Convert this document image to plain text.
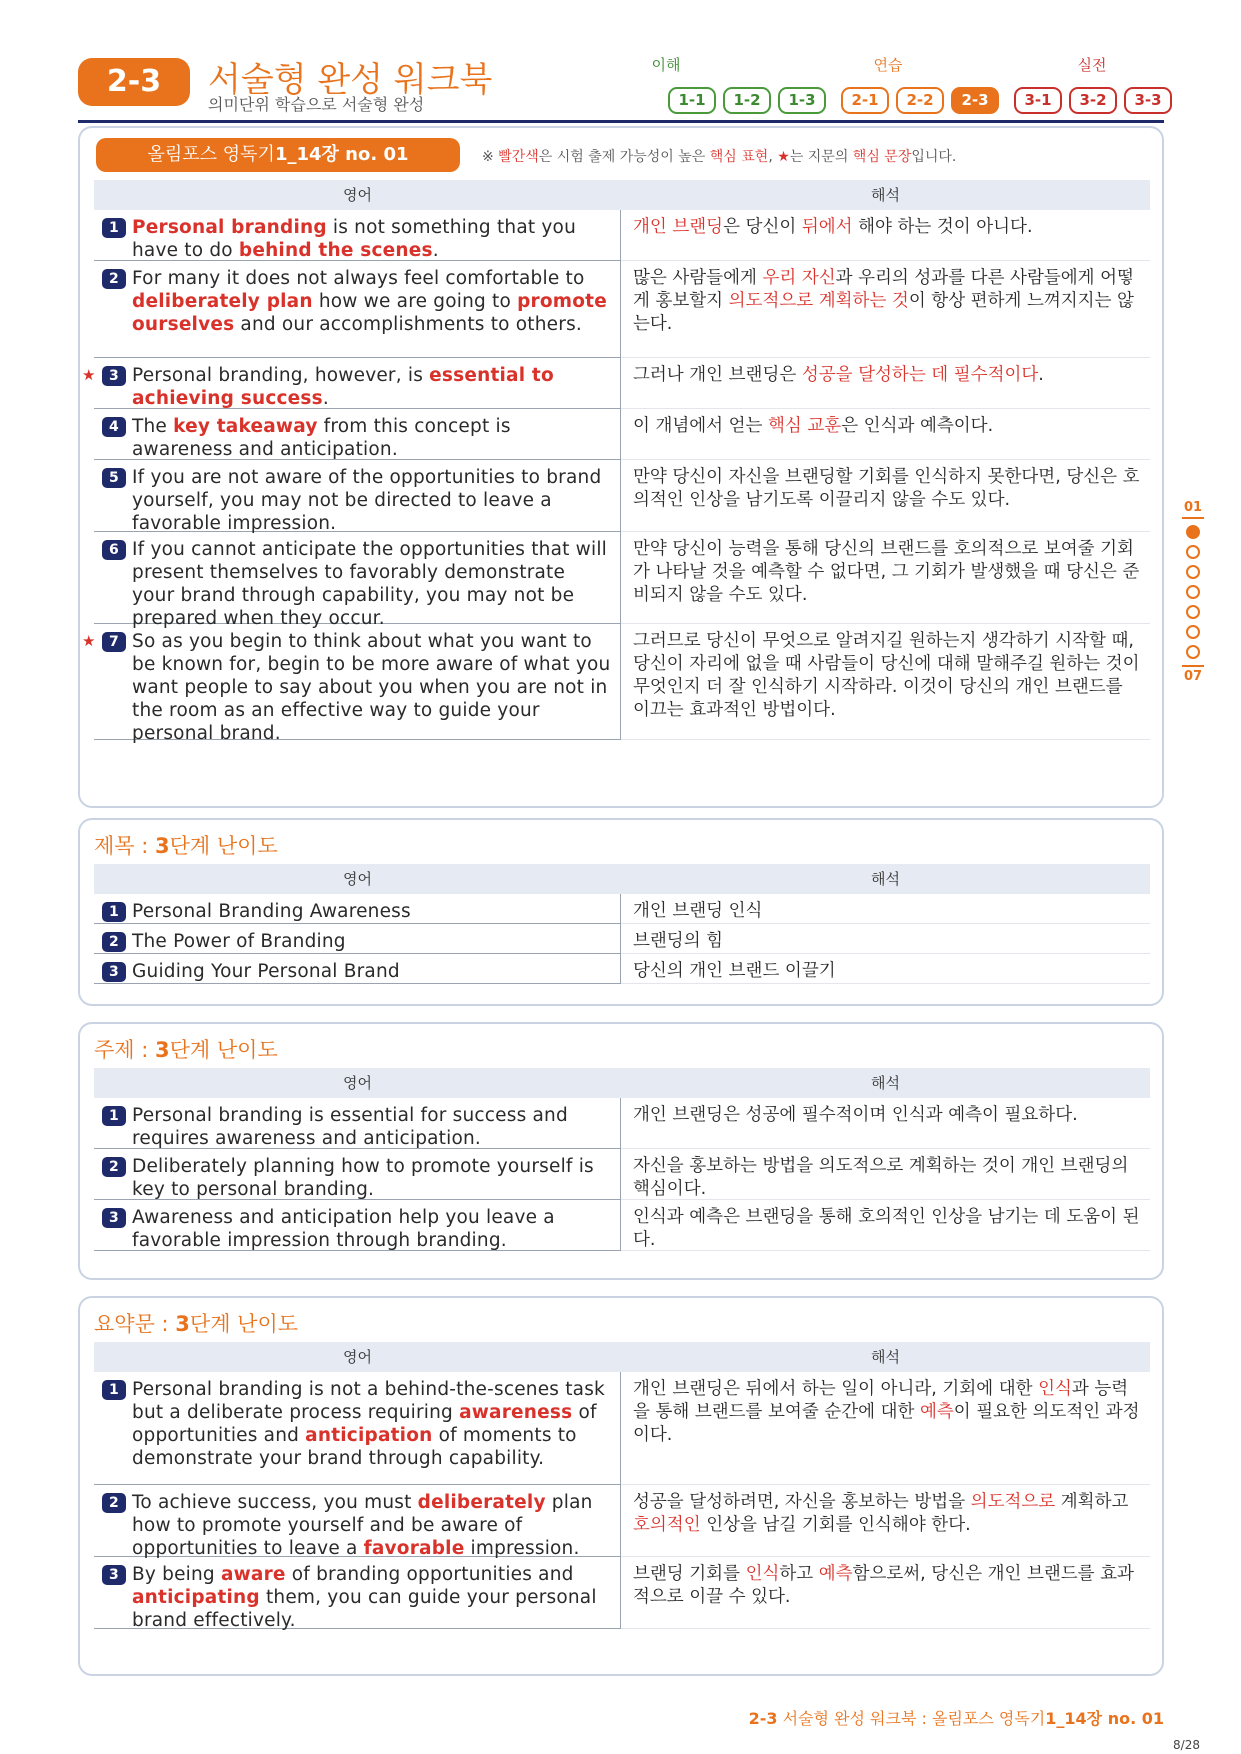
2-3	서술형 완성 워크북
의미단위 학습으로 서술형 완성
이해	연습	실전
1-1	1-2	1-3	2-1	2-2	2-3	3-1	3-2	3-3
01
07
올림포스 영독기1_14장 no. 01	※ 빨간색은 시험 출제 가능성이 높은 핵심 표현, ★는 지문의 핵심 문장입니다.
영어	해석
1 Personal branding is not something that you have to do behind the scenes.
개인 브랜딩은 당신이 뒤에서 해야 하는 것이 아니다.
2 For many it does not always feel comfortable to deliberately plan how we are going to promote ourselves and our accomplishments to others.
많은 사람들에게 우리 자신과 우리의 성과를 다른 사람들에게 어떻게 홍보할지 의도적으로 계획하는 것이 항상 편하게 느껴지지는 않는다.
★ 3 Personal branding, however, is essential to achieving success.
그러나 개인 브랜딩은 성공을 달성하는 데 필수적이다.
4 The key takeaway from this concept is awareness and anticipation.
이 개념에서 얻는 핵심 교훈은 인식과 예측이다.
5 If you are not aware of the opportunities to brand yourself, you may not be directed to leave a favorable impression.
만약 당신이 자신을 브랜딩할 기회를 인식하지 못한다면, 당신은 호의적인 인상을 남기도록 이끌리지 않을 수도 있다.
6 If you cannot anticipate the opportunities that will present themselves to favorably demonstrate your brand through capability, you may not be prepared when they occur.
만약 당신이 능력을 통해 당신의 브랜드를 호의적으로 보여줄 기회가 나타날 것을 예측할 수 없다면, 그 기회가 발생했을 때 당신은 준비되지 않을 수도 있다.
★ 7 So as you begin to think about what you want to be known for, begin to be more aware of what you want people to say about you when you are not in the room as an effective way to guide your personal brand.
그러므로 당신이 무엇으로 알려지길 원하는지 생각하기 시작할 때, 당신이 자리에 없을 때 사람들이 당신에 대해 말해주길 원하는 것이 무엇인지 더 잘 인식하기 시작하라. 이것이 당신의 개인 브랜드를 이끄는 효과적인 방법이다.
제목 : 3단계 난이도
영어	해석
1 Personal Branding Awareness	개인 브랜딩 인식
2 The Power of Branding	브랜딩의 힘
3 Guiding Your Personal Brand	당신의 개인 브랜드 이끌기
주제 : 3단계 난이도
영어	해석
1 Personal branding is essential for success and requires awareness and anticipation.
개인 브랜딩은 성공에 필수적이며 인식과 예측이 필요하다.
2 Deliberately planning how to promote yourself is key to personal branding.
자신을 홍보하는 방법을 의도적으로 계획하는 것이 개인 브랜딩의 핵심이다.
3 Awareness and anticipation help you leave a favorable impression through branding.
인식과 예측은 브랜딩을 통해 호의적인 인상을 남기는 데 도움이 된다.
요약문 : 3단계 난이도
영어	해석
1 Personal branding is not a behind-the-scenes task but a deliberate process requiring awareness of opportunities and anticipation of moments to demonstrate your brand through capability.
개인 브랜딩은 뒤에서 하는 일이 아니라, 기회에 대한 인식과 능력을 통해 브랜드를 보여줄 순간에 대한 예측이 필요한 의도적인 과정이다.
2 To achieve success, you must deliberately plan how to promote yourself and be aware of opportunities to leave a favorable impression.
성공을 달성하려면, 자신을 홍보하는 방법을 의도적으로 계획하고 호의적인 인상을 남길 기회를 인식해야 한다.
3 By being aware of branding opportunities and anticipating them, you can guide your personal brand effectively.
브랜딩 기회를 인식하고 예측함으로써, 당신은 개인 브랜드를 효과적으로 이끌 수 있다.
2-3 서술형 완성 워크북 : 올림포스 영독기1_14장 no. 01
8/28
